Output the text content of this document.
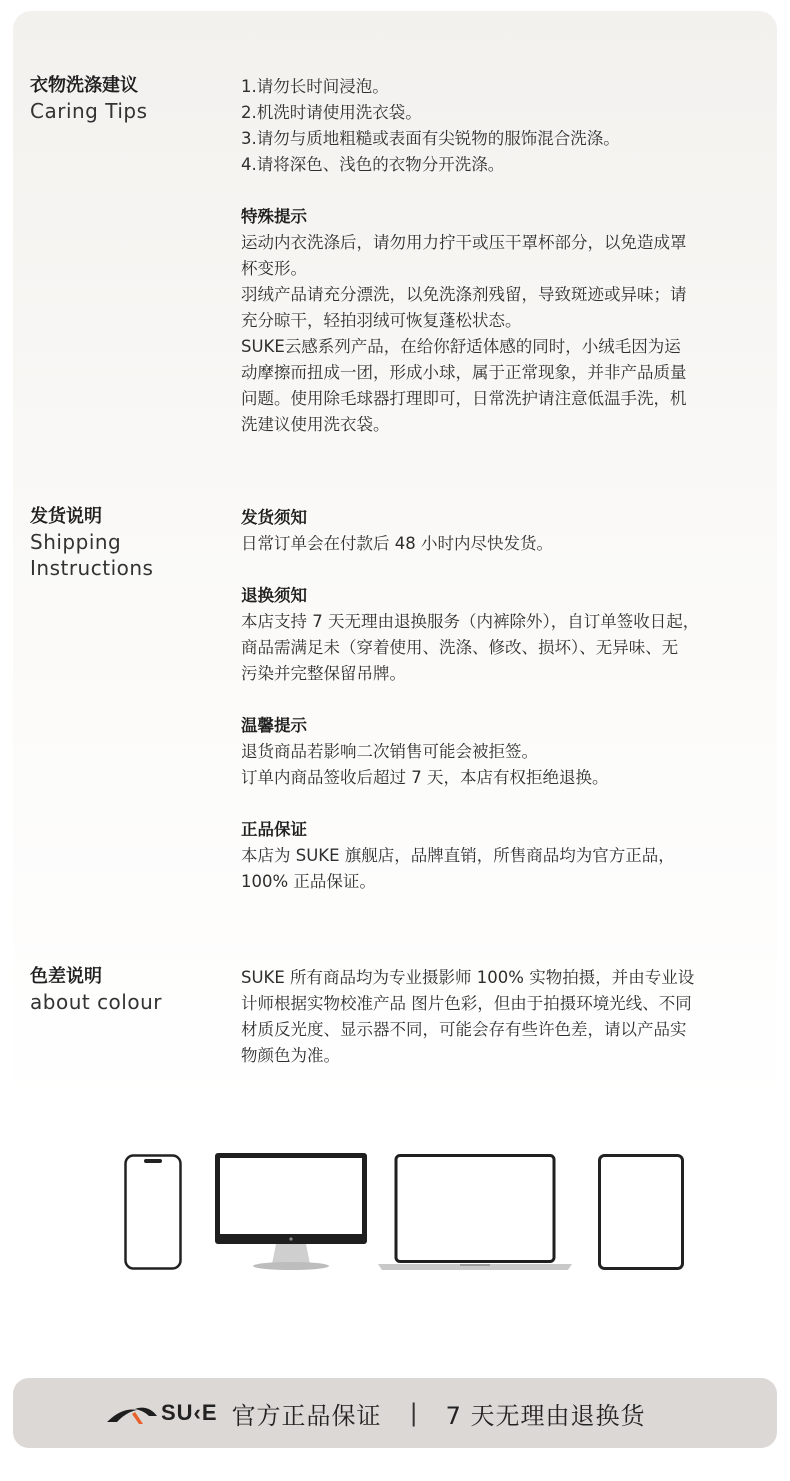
衣物洗涤建议
Caring Tips
1.请勿长时间浸泡。
2.机洗时请使用洗衣袋。
3.请勿与质地粗糙或表面有尖锐物的服饰混合洗涤。
4.请将深色、浅色的衣物分开洗涤。
特殊提示
运动内衣洗涤后，请勿用力拧干或压干罩杯部分，以免造成罩
杯变形。
羽绒产品请充分漂洗，以免洗涤剂残留，导致斑迹或异味；请
充分晾干，轻拍羽绒可恢复蓬松状态。
SUKE云感系列产品，在给你舒适体感的同时，小绒毛因为运
动摩擦而扭成一团，形成小球，属于正常现象，并非产品质量
问题。使用除毛球器打理即可，日常洗护请注意低温手洗，机
洗建议使用洗衣袋。
发货说明
Shipping
Instructions
发货须知
日常订单会在付款后 48 小时内尽快发货。
退换须知
本店支持 7 天无理由退换服务（内裤除外），自订单签收日起，
商品需满足未（穿着使用、洗涤、修改、损坏）、无异味、无
污染并完整保留吊牌。
温馨提示
退货商品若影响二次销售可能会被拒签。
订单内商品签收后超过 7 天，本店有权拒绝退换。
正品保证
本店为 SUKE 旗舰店，品牌直销，所售商品均为官方正品，
100% 正品保证。
色差说明
about colour
SUKE 所有商品均为专业摄影师 100% 实物拍摄，并由专业设
计师根据实物校准产品 图片色彩，但由于拍摄环境光线、不同
材质反光度、显示器不同，可能会存有些许色差，请以产品实
物颜色为准。
SU‹E 官方正品保证 | 7 天无理由退换货
